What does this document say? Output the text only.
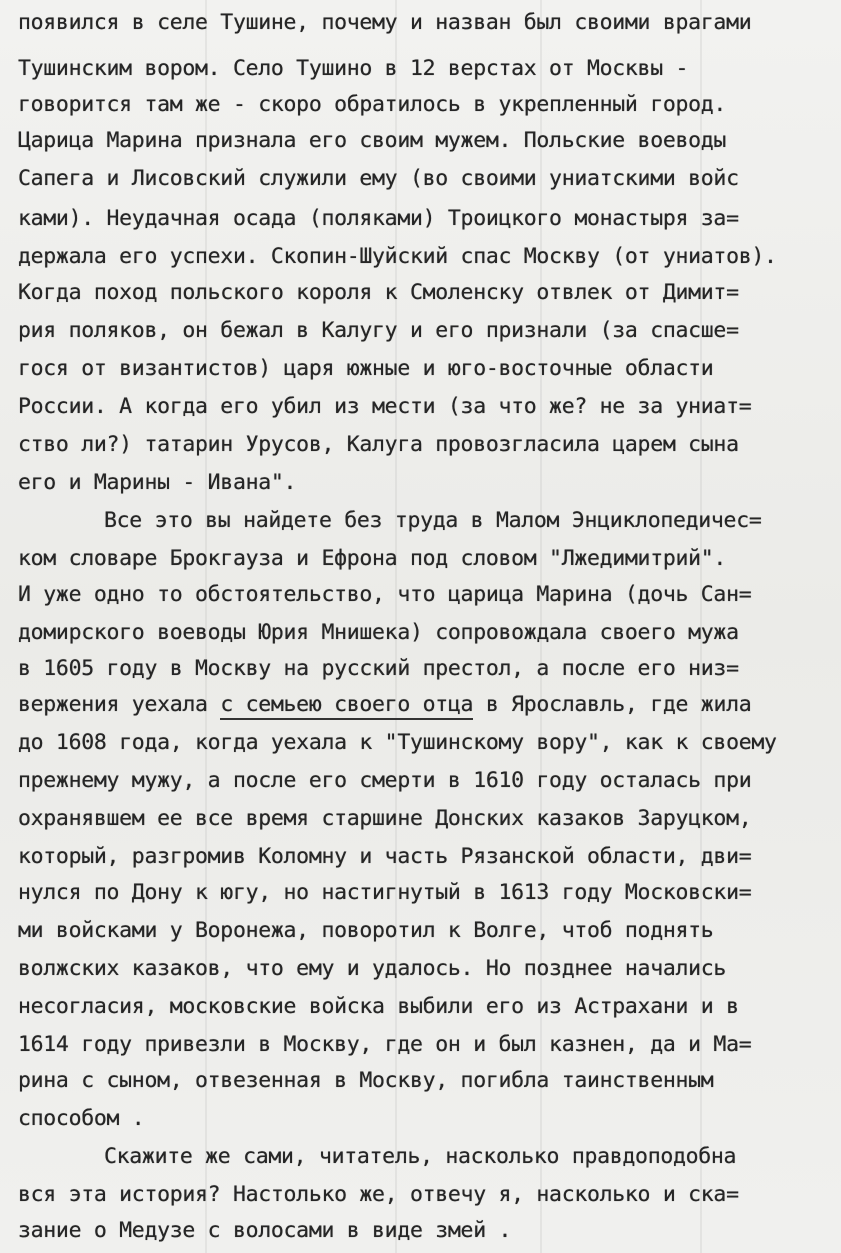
появился в селе Тушине, почему и назван был своими врагами
Тушинским вором. Село Тушино в 12 верстах от Москвы -
говорится там же - скоро обратилось в укрепленный город.
Царица Марина признала его своим мужем. Польские воеводы
Сапега и Лисовский служили ему (во своими униатскими войс
ками). Неудачная осада (поляками) Троицкого монастыря за=
держала его успехи. Скопин-Шуйский спас Москву (от униатов).
Когда поход польского короля к Смоленску отвлек от Димит=
рия поляков, он бежал в Калугу и его признали (за спасше=
гося от византистов) царя южные и юго-восточные области
России. А когда его убил из мести (за что же? не за униат=
ство ли?) татарин Урусов, Калуга провозгласила царем сына
его и Марины - Ивана".
Все это вы найдете без труда в Малом Энциклопедичес=
ком словаре Брокгауза и Ефрона под словом "Лжедимитрий".
И уже одно то обстоятельство, что царица Марина (дочь Сан=
домирского воеводы Юрия Мнишека) сопровождала своего мужа
в 1605 году в Москву на русский престол, а после его низ=
вержения уехала с семьею своего отца в Ярославль, где жила
до 1608 года, когда уехала к "Тушинскому вору", как к своему
прежнему мужу, а после его смерти в 1610 году осталась при
охранявшем ее все время старшине Донских казаков Заруцком,
который, разгромив Коломну и часть Рязанской области, дви=
нулся по Дону к югу, но настигнутый в 1613 году Московски=
ми войсками у Воронежа, поворотил к Волге, чтоб поднять
волжских казаков, что ему и удалось. Но позднее начались
несогласия, московские войска выбили его из Астрахани и в
1614 году привезли в Москву, где он и был казнен, да и Ма=
рина с сыном, отвезенная в Москву, погибла таинственным
способом .
Скажите же сами, читатель, насколько правдоподобна
вся эта история? Настолько же, отвечу я, насколько и ска=
зание о Медузе с волосами в виде змей .
